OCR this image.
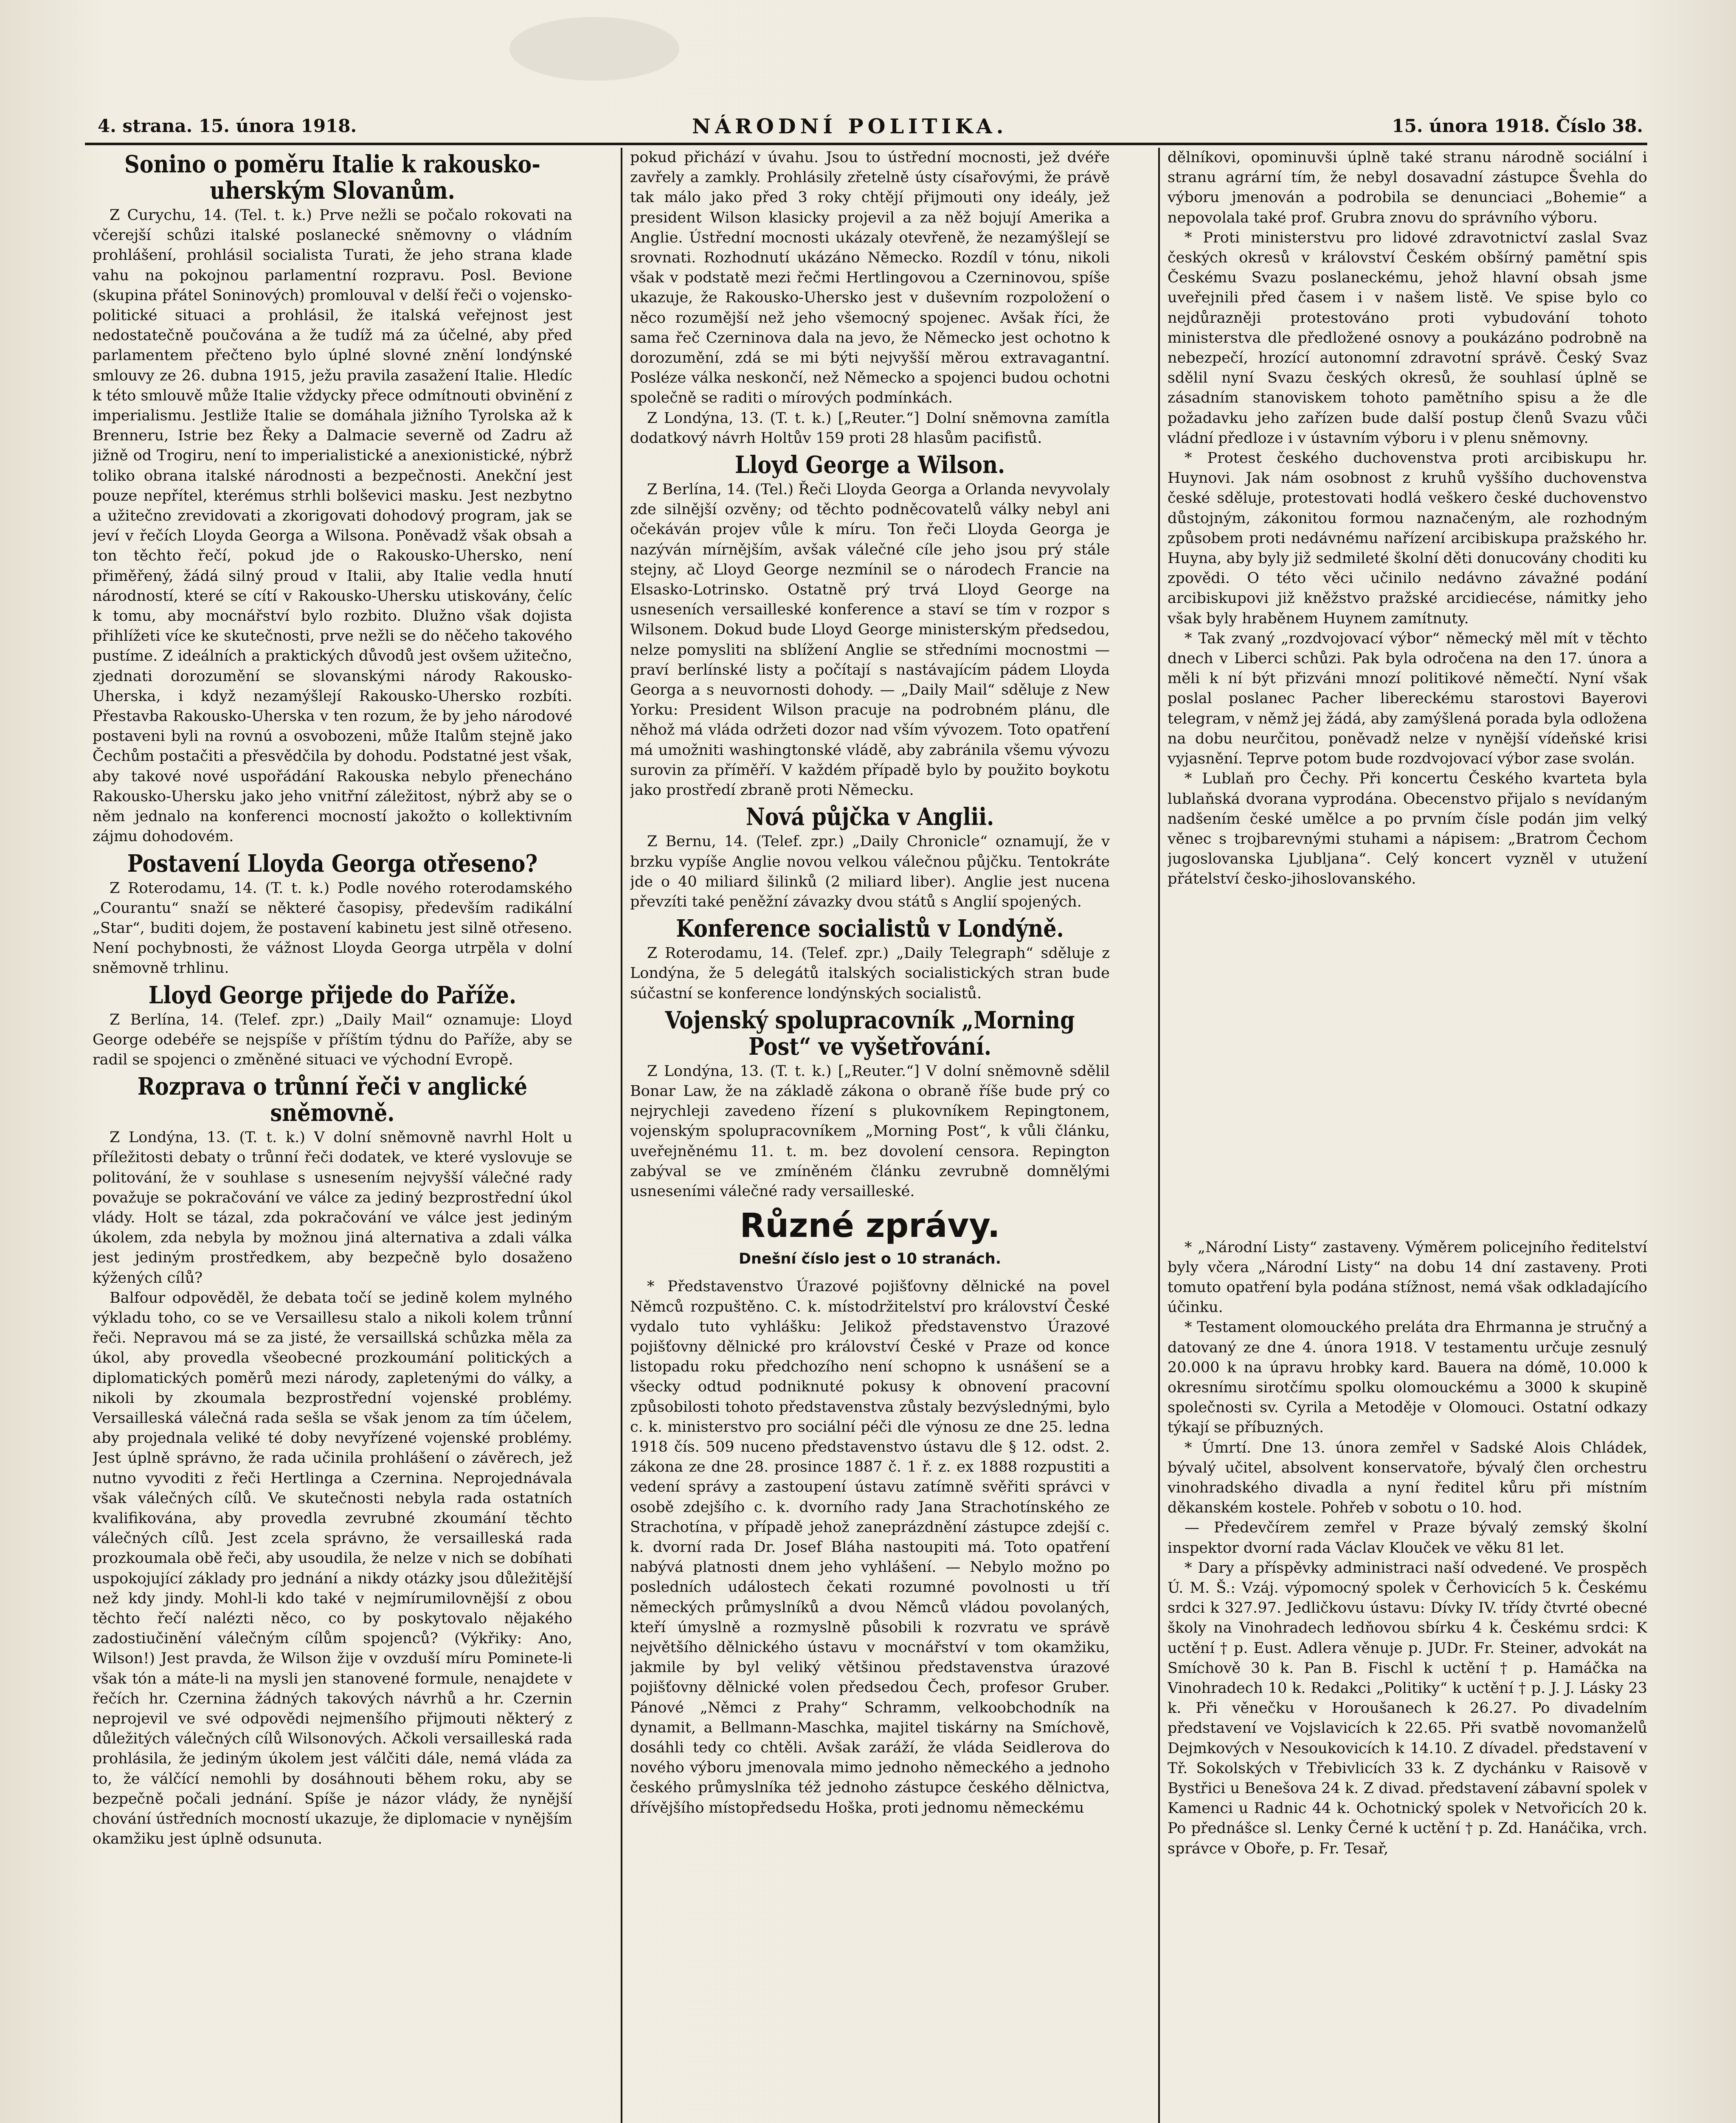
4. strana. 15. února 1918.	NÁRODNÍ POLITIKA.	15. února 1918. Číslo 38.
Sonino o poměru Italie k rakousko-uherským Slovanům.

Z Curychu, 14. (Tel. t. k.) Prve nežli se počalo rokovati na včerejší schůzi italské poslanecké sněmovny o vládním prohlášení, prohlásil socialista Turati, že jeho strana klade vahu na pokojnou parlamentní rozpravu. Posl. Bevione (skupina přátel Soninových) promlouval v delší řeči o vojensko-politické situaci a prohlásil, že italská veřejnost jest nedostatečně poučována a že tudíž má za účelné, aby před parlamentem přečteno bylo úplné slovné znění londýnské smlouvy ze 26. dubna 1915, ježu pravila zasažení Italie. Hledíc k této smlouvě může Italie vždycky přece odmítnouti obvinění z imperialismu. Jestliže Italie se domáhala jižního Tyrolska až k Brenneru, Istrie bez Řeky a Dalmacie severně od Zadru až jižně od Trogiru, není to imperialistické a anexionistické, nýbrž toliko obrana italské národnosti a bezpečnosti. Anekční jest pouze nepřítel, kterémus strhli bolševici masku. Jest nezbytno a užitečno zrevidovati a zkorigovati dohodový program, jak se jeví v řečích Lloyda Georga a Wilsona. Poněvadž však obsah a ton těchto řečí, pokud jde o Rakousko-Uhersko, není přiměřený, žádá silný proud v Italii, aby Italie vedla hnutí národností, které se cítí v Rakousko-Uhersku utiskovány, čelíc k tomu, aby mocnářství bylo rozbito. Dlužno však dojista přihlížeti více ke skutečnosti, prve nežli se do něčeho takového pustíme. Z ideálních a praktických důvodů jest ovšem užitečno, zjednati dorozumění se slovanskými národy Rakousko-Uherska, i když nezamýšlejí Rakousko-Uhersko rozbíti. Přestavba Rakousko-Uherska v ten rozum, že by jeho národové postaveni byli na rovnú a osvobozeni, může Italům stejně jako Čechům postačiti a přesvědčila by dohodu. Podstatné jest však, aby takové nové uspořádání Rakouska nebylo přenecháno Rakousko-Uhersku jako jeho vnitřní záležitost, nýbrž aby se o něm jednalo na konferenci mocností jakožto o kollektivním zájmu dohodovém.

Postavení Lloyda Georga otřeseno?

Z Roterodamu, 14. (T. t. k.) Podle nového roterodamského „Courantu“ snaží se některé časopisy, především radikální „Star“, buditi dojem, že postavení kabinetu jest silně otřeseno. Není pochybnosti, že vážnost Lloyda Georga utrpěla v dolní sněmovně trhlinu.

Lloyd George přijede do Paříže.

Z Berlína, 14. (Telef. zpr.) „Daily Mail“ oznamuje: Lloyd George odebéře se nejspíše v příštím týdnu do Paříže, aby se radil se spojenci o změněné situaci ve východní Evropě.

Rozprava o trůnní řeči v anglické sněmovně.

Z Londýna, 13. (T. t. k.) V dolní sněmovně navrhl Holt u příležitosti debaty o trůnní řeči dodatek, ve které vyslovuje se politování, že v souhlase s usnesením nejvyšší válečné rady považuje se pokračování ve válce za jediný bezprostřední úkol vlády. Holt se tázal, zda pokračování ve válce jest jediným úkolem, zda nebyla by možnou jiná alternativa a zdali válka jest jediným prostředkem, aby bezpečně bylo dosaženo kýžených cílů?

Balfour odpověděl, že debata točí se jedině kolem mylného výkladu toho, co se ve Versaillesu stalo a nikoli kolem trůnní řeči. Nepravou má se za jisté, že versaillská schůzka měla za úkol, aby provedla všeobecné prozkoumání politických a diplomatických poměrů mezi národy, zapletenými do války, a nikoli by zkoumala bezprostřední vojenské problémy. Versailleská válečná rada sešla se však jenom za tím účelem, aby projednala veliké té doby nevyřízené vojenské problémy. Jest úplně správno, že rada učinila prohlášení o závěrech, jež nutno vyvoditi z řeči Hertlinga a Czernina. Neprojednávala však válečných cílů. Ve skutečnosti nebyla rada ostatních kvalifikována, aby provedla zevrubné zkoumání těchto válečných cílů. Jest zcela správno, že versailleská rada prozkoumala obě řeči, aby usoudila, že nelze v nich se dobíhati uspokojující základy pro jednání a nikdy otázky jsou důležitější než kdy jindy. Mohl-li kdo také v nejmírumilovnější z obou těchto řečí nalézti něco, co by poskytovalo nějakého zadostiučinění válečným cílům spojenců? (Výkřiky: Ano, Wilson!) Jest pravda, že Wilson žije v ovzduší míru Pominete-li však tón a máte-li na mysli jen stanovené formule, nenajdete v řečích hr. Czernina žádných takových návrhů a hr. Czernin neprojevil ve své odpovědi nejmenšího přijmouti některý z důležitých válečných cílů Wilsonových. Ačkoli versailleská rada prohlásila, že jediným úkolem jest válčiti dále, nemá vláda za to, že válčící nemohli by dosáhnouti během roku, aby se bezpečně počali jednání. Spíše je názor vlády, že nynější chování ústředních mocností ukazuje, že diplomacie v nynějším okamžiku jest úplně odsunuta.

pokud přichází v úvahu. Jsou to ústřední mocnosti, jež dvéře zavřely a zamkly. Prohlásily zřetelně ústy císařovými, že právě tak málo jako před 3 roky chtějí přijmouti ony ideály, jež president Wilson klasicky projevil a za něž bojují Amerika a Anglie. Ústřední mocnosti ukázaly otevřeně, že nezamýšlejí se srovnati. Rozhodnutí ukázáno Německo. Rozdíl v tónu, nikoli však v podstatě mezi řečmi Hertlingovou a Czerninovou, spíše ukazuje, že Rakousko-Uhersko jest v duševním rozpoložení o něco rozumější než jeho všemocný spojenec. Avšak říci, že sama řeč Czerninova dala na jevo, že Německo jest ochotno k dorozumění, zdá se mi býti nejvyšší měrou extravagantní. Posléze válka neskončí, než Německo a spojenci budou ochotni společně se raditi o mírových podmínkách.

Z Londýna, 13. (T. t. k.) [„Reuter.“] Dolní sněmovna zamítla dodatkový návrh Holtův 159 proti 28 hlasům pacifistů.

Lloyd George a Wilson.

Z Berlína, 14. (Tel.) Řeči Lloyda Georga a Orlanda nevyvolaly zde silnější ozvěny; od těchto podněcovatelů války nebyl ani očekáván projev vůle k míru. Ton řeči Lloyda Georga je nazýván mírnějším, avšak válečné cíle jeho jsou prý stále stejny, ač Lloyd George nezmínil se o národech Francie na Elsasko-Lotrinsko. Ostatně prý trvá Lloyd George na usneseních versailleské konference a staví se tím v rozpor s Wilsonem. Dokud bude Lloyd George ministerským předsedou, nelze pomysliti na sblížení Anglie se středními mocnostmi — praví berlínské listy a počítají s nastávajícím pádem Lloyda Georga a s neuvornosti dohody. — „Daily Mail“ sděluje z New Yorku: President Wilson pracuje na podrobném plánu, dle něhož má vláda održeti dozor nad vším vývozem. Toto opatření má umožniti washingtonské vládě, aby zabránila všemu vývozu surovin za příměří. V každém případě bylo by použito boykotu jako prostředí zbraně proti Německu.

Nová půjčka v Anglii.

Z Bernu, 14. (Telef. zpr.) „Daily Chronicle“ oznamují, že v brzku vypíše Anglie novou velkou válečnou půjčku. Tentokráte jde o 40 miliard šilinků (2 miliard liber). Anglie jest nucena převzíti také peněžní závazky dvou států s Anglií spojených.

Konference socialistů v Londýně.

Z Roterodamu, 14. (Telef. zpr.) „Daily Telegraph“ sděluje z Londýna, že 5 delegátů italských socialistických stran bude súčastní se konference londýnských socialistů.

Vojenský spolupracovník „Morning Post“ ve vyšetřování.

Z Londýna, 13. (T. t. k.) [„Reuter.“] V dolní sněmovně sdělil Bonar Law, že na základě zákona o obraně říše bude prý co nejrychleji zavedeno řízení s plukovníkem Repingtonem, vojenským spolupracovníkem „Morning Post“, k vůli článku, uveřejněnému 11. t. m. bez dovolení censora. Repington zabýval se ve zmíněném článku zevrubně domnělými usneseními válečné rady versailleské.

Různé zprávy.

Dnešní číslo jest o 10 stranách.

* Představenstvo Úrazové pojišťovny dělnické na povel Němců rozpuštěno. C. k. místodržitelství pro království České vydalo tuto vyhlášku: Jelikož představenstvo Úrazové pojišťovny dělnické pro království České v Praze od konce listopadu roku předchozího není schopno k usnášení se a všecky odtud podniknuté pokusy k obnovení pracovní způsobilosti tohoto představenstva zůstaly bezvýslednými, bylo c. k. ministerstvo pro sociální péči dle výnosu ze dne 25. ledna 1918 čís. 509 nuceno představenstvo ústavu dle § 12. odst. 2. zákona ze dne 28. prosince 1887 č. 1 ř. z. ex 1888 rozpustiti a vedení správy a zastoupení ústavu zatímně svěřiti správci v osobě zdejšího c. k. dvorního rady Jana Strachotínského ze Strachotína, v případě jehož zaneprázdnění zástupce zdejší c. k. dvorní rada Dr. Josef Bláha nastoupiti má. Toto opatření nabývá platnosti dnem jeho vyhlášení. — Nebylo možno po posledních událostech čekati rozumné povolnosti u tří německých průmyslníků a dvou Němců vládou povolaných, kteří úmyslně a rozmyslně působili k rozvratu ve správě největšího dělnického ústavu v mocnářství v tom okamžiku, jakmile by byl veliký většinou představenstva úrazové pojišťovny dělnické volen předsedou Čech, profesor Gruber. Pánové „Němci z Prahy“ Schramm, velkoobchodník na dynamit, a Bellmann-Maschka, majitel tiskárny na Smíchově, dosáhli tedy co chtěli. Avšak zaráží, že vláda Seidlerova do nového výboru jmenovala mimo jednoho německého a jednoho českého průmyslníka též jednoho zástupce českého dělnictva, dřívějšího místopředsedu Hoška, proti jednomu německému

dělníkovi, opominuvši úplně také stranu národně sociální i stranu agrární tím, že nebyl dosavadní zástupce Švehla do výboru jmenován a podrobila se denunciaci „Bohemie“ a nepovolala také prof. Grubra znovu do správního výboru.

* Proti ministerstvu pro lidové zdravotnictví zaslal Svaz českých okresů v království Českém obšírný pamětní spis Českému Svazu poslaneckému, jehož hlavní obsah jsme uveřejnili před časem i v našem listě. Ve spise bylo co nejdůrazněji protestováno proti vybudování tohoto ministerstva dle předložené osnovy a poukázáno podrobně na nebezpečí, hrozící autonomní zdravotní správě. Český Svaz sdělil nyní Svazu českých okresů, že souhlasí úplně se zásadním stanoviskem tohoto pamětního spisu a že dle požadavku jeho zařízen bude další postup členů Svazu vůči vládní předloze i v ústavním výboru i v plenu sněmovny.

* Protest českého duchovenstva proti arcibiskupu hr. Huynovi. Jak nám osobnost z kruhů vyššího duchovenstva české sděluje, protestovati hodlá veškero české duchovenstvo důstojným, zákonitou formou naznačeným, ale rozhodným způsobem proti nedávnému nařízení arcibiskupa pražského hr. Huyna, aby byly již sedmileté školní děti donucovány choditi ku zpovědi. O této věci učinilo nedávno závažné podání arcibiskupovi již kněžstvo pražské arcidiecése, námitky jeho však byly hraběnem Huynem zamítnuty.

* Tak zvaný „rozdvojovací výbor“ německý měl mít v těchto dnech v Liberci schůzi. Pak byla odročena na den 17. února a měli k ní být přizváni mnozí politikové němečtí. Nyní však poslal poslanec Pacher libereckému starostovi Bayerovi telegram, v němž jej žádá, aby zamýšlená porada byla odložena na dobu neurčitou, poněvadž nelze v nynější vídeňské krisi vyjasnění. Teprve potom bude rozdvojovací výbor zase svolán.

* Lublaň pro Čechy. Při koncertu Českého kvarteta byla lublaňská dvorana vyprodána. Obecenstvo přijalo s nevídaným nadšením české umělce a po prvním čísle podán jim velký věnec s trojbarevnými stuhami a nápisem: „Bratrom Čechom jugoslovanska Ljubljana“. Celý koncert vyzněl v utužení přátelství česko-jihoslovanského.

* „Národní Listy“ zastaveny. Výměrem policejního ředitelství byly včera „Národní Listy“ na dobu 14 dní zastaveny. Proti tomuto opatření byla podána stížnost, nemá však odkladajícího účinku.

* Testament olomouckého preláta dra Ehrmanna je stručný a datovaný ze dne 4. února 1918. V testamentu určuje zesnulý 20.000 k na úpravu hrobky kard. Bauera na dómě, 10.000 k okresnímu sirotčímu spolku olomouckému a 3000 k skupině společnosti sv. Cyrila a Metoděje v Olomouci. Ostatní odkazy týkají se příbuzných.

* Úmrtí. Dne 13. února zemřel v Sadské Alois Chládek, bývalý učitel, absolvent konservatoře, bývalý člen orchestru vinohradského divadla a nyní ředitel kůru při místním děkanském kostele. Pohřeb v sobotu o 10. hod.

— Předevčírem zemřel v Praze bývalý zemský školní inspektor dvorní rada Václav Klouček ve věku 81 let.

* Dary a příspěvky administraci naší odvedené. Ve prospěch Ú. M. Š.: Vzáj. výpomocný spolek v Čerhovicích 5 k. Českému srdci k 327.97. Jedličkovu ústavu: Dívky IV. třídy čtvrté obecné školy na Vinohradech ledňovou sbírku 4 k. Českému srdci: K uctění † p. Eust. Adlera věnuje p. JUDr. Fr. Steiner, advokát na Smíchově 30 k. Pan B. Fischl k uctění † p. Hamáčka na Vinohradech 10 k. Redakci „Politiky“ k uctění † p. J. J. Lásky 23 k. Při věnečku v Horoušanech k 26.27. Po divadelním představení ve Vojslavicích k 22.65. Při svatbě novomanželů Dejmkových v Nesoukovicích k 14.10. Z dívadel. představení v Tř. Sokolských v Třebivlicích 33 k. Z dychánku v Raisově v Bystřici u Benešova 24 k. Z divad. představení zábavní spolek v Kamenci u Radnic 44 k. Ochotnický spolek v Netvořicích 20 k. Po přednášce sl. Lenky Černé k uctění † p. Zd. Hanáčika, vrch. správce v Oboře, p. Fr. Tesař,
